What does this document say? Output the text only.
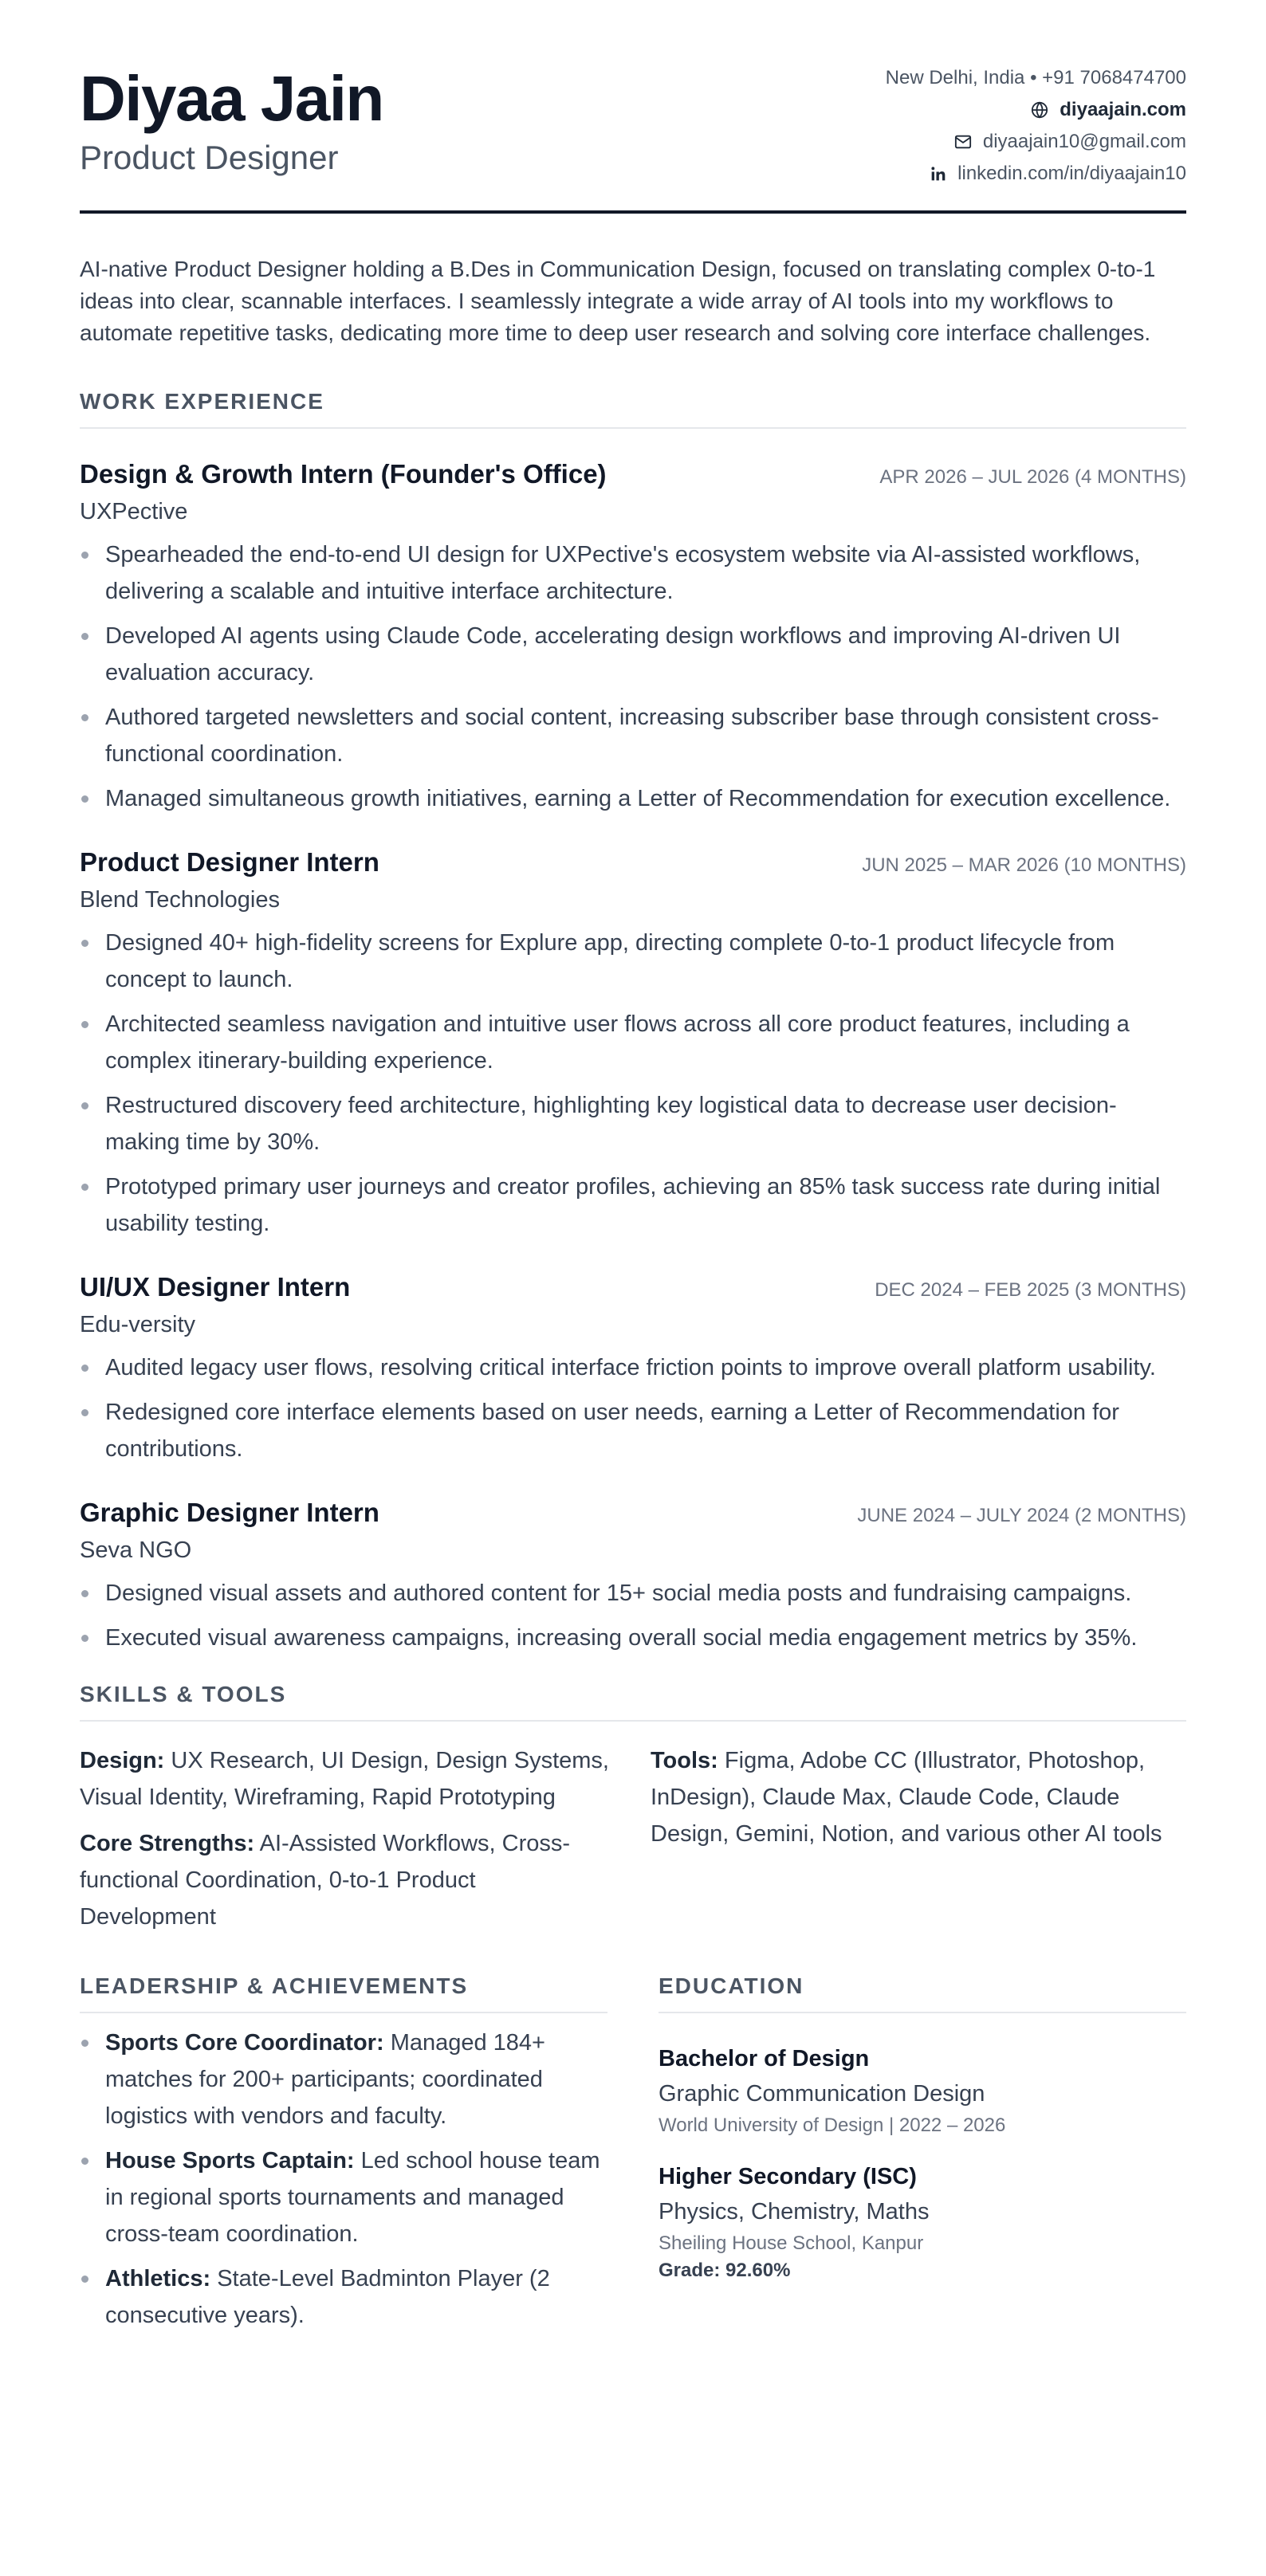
Diyaa Jain
Product Designer
New Delhi, India • +91 7068474700
diyaajain.com
diyaajain10@gmail.com
linkedin.com/in/diyaajain10
AI-native Product Designer holding a B.Des in Communication Design, focused on translating complex 0-to-1 ideas into clear, scannable interfaces. I seamlessly integrate a wide array of AI tools into my workflows to automate repetitive tasks, dedicating more time to deep user research and solving core interface challenges.
WORK EXPERIENCE
Design & Growth Intern (Founder's Office)	APR 2026 – JUL 2026 (4 MONTHS)
UXPective
Spearheaded the end-to-end UI design for UXPective's ecosystem website via AI-assisted workflows, delivering a scalable and intuitive interface architecture.
Developed AI agents using Claude Code, accelerating design workflows and improving AI-driven UI evaluation accuracy.
Authored targeted newsletters and social content, increasing subscriber base through consistent cross-functional coordination.
Managed simultaneous growth initiatives, earning a Letter of Recommendation for execution excellence.
Product Designer Intern	JUN 2025 – MAR 2026 (10 MONTHS)
Blend Technologies
Designed 40+ high-fidelity screens for Explure app, directing complete 0-to-1 product lifecycle from concept to launch.
Architected seamless navigation and intuitive user flows across all core product features, including a complex itinerary-building experience.
Restructured discovery feed architecture, highlighting key logistical data to decrease user decision-making time by 30%.
Prototyped primary user journeys and creator profiles, achieving an 85% task success rate during initial usability testing.
UI/UX Designer Intern	DEC 2024 – FEB 2025 (3 MONTHS)
Edu-versity
Audited legacy user flows, resolving critical interface friction points to improve overall platform usability.
Redesigned core interface elements based on user needs, earning a Letter of Recommendation for contributions.
Graphic Designer Intern	JUNE 2024 – JULY 2024 (2 MONTHS)
Seva NGO
Designed visual assets and authored content for 15+ social media posts and fundraising campaigns.
Executed visual awareness campaigns, increasing overall social media engagement metrics by 35%.
SKILLS & TOOLS
Design: UX Research, UI Design, Design Systems, Visual Identity, Wireframing, Rapid Prototyping
Core Strengths: AI-Assisted Workflows, Cross-functional Coordination, 0-to-1 Product Development
Tools: Figma, Adobe CC (Illustrator, Photoshop, InDesign), Claude Max, Claude Code, Claude Design, Gemini, Notion, and various other AI tools
LEADERSHIP & ACHIEVEMENTS
Sports Core Coordinator: Managed 184+ matches for 200+ participants; coordinated logistics with vendors and faculty.
House Sports Captain: Led school house team in regional sports tournaments and managed cross-team coordination.
Athletics: State-Level Badminton Player (2 consecutive years).
EDUCATION
Bachelor of Design
Graphic Communication Design
World University of Design | 2022 – 2026
Higher Secondary (ISC)
Physics, Chemistry, Maths
Sheiling House School, Kanpur
Grade: 92.60%
